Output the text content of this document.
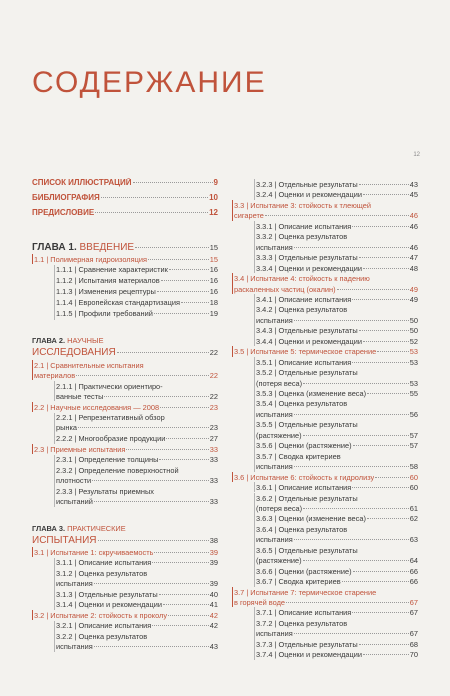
12
СОДЕРЖАНИЕ
СПИСОК ИЛЛЮСТРАЦИЙ	9
БИБЛИОГРАФИЯ	10
ПРЕДИСЛОВИЕ	12
ГЛАВА 1. ВВЕДЕНИЕ	15
1.1 | Полимерная гидроизоляция	15
1.1.1 | Сравнение характеристик	16
1.1.2 | Испытания материалов	16
1.1.3 | Изменения рецептуры	16
1.1.4 | Европейская стандартизация	18
1.1.5 | Профили требований	19
ГЛАВА 2. НАУЧНЫЕ
ИССЛЕДОВАНИЯ	22
2.1 | Сравнительные испытания
материалов	22
2.1.1 | Практически ориентиро-
ванные тесты	22
2.2 | Научные исследования — 2008	23
2.2.1 | Репрезентативный обзор
рынка	23
2.2.2 | Многообразие продукции	27
2.3 | Приемные испытания	33
2.3.1 | Определение толщины	33
2.3.2 | Определение поверхностной
плотности	33
2.3.3 | Результаты приемных
испытаний	33
ГЛАВА 3. ПРАКТИЧЕСКИЕ
ИСПЫТАНИЯ	38
3.1 | Испытание 1: скручиваемость	39
3.1.1 | Описание испытания	39
3.1.2 | Оценка результатов
испытания	39
3.1.3 | Отдельные результаты	40
3.1.4 | Оценки и рекомендации	41
3.2 | Испытание 2: стойкость к проколу	42
3.2.1 | Описание испытания	42
3.2.2 | Оценка результатов
испытания	43
3.2.3 | Отдельные результаты	43
3.2.4 | Оценки и рекомендации	45
3.3 | Испытание 3: стойкость к тлеющей
сигарете	46
3.3.1 | Описание испытания	46
3.3.2 | Оценка результатов
испытания	46
3.3.3 | Отдельные результаты	47
3.3.4 | Оценки и рекомендации	48
3.4 | Испытание 4: стойкость к падению
раскаленных частиц (окалин)	49
3.4.1 | Описание испытания	49
3.4.2 | Оценка результатов
испытания	50
3.4.3 | Отдельные результаты	50
3.4.4 | Оценки и рекомендации	52
3.5 | Испытание 5: термическое старение	53
3.5.1 | Описание испытания	53
3.5.2 | Отдельные результаты
(потеря веса)	53
3.5.3 | Оценка (изменение веса)	55
3.5.4 | Оценка результатов
испытания	56
3.5.5 | Отдельные результаты
(растяжение)	57
3.5.6 | Оценки (растяжение)	57
3.5.7 | Сводка критериев
испытания	58
3.6 | Испытание 6: стойкость к гидролизу	60
3.6.1 | Описание испытания	60
3.6.2 | Отдельные результаты
(потеря веса)	61
3.6.3 | Оценки (изменение веса)	62
3.6.4 | Оценка результатов
испытания	63
3.6.5 | Отдельные результаты
(растяжение)	64
3.6.6 | Оценки (растяжение)	66
3.6.7 | Сводка критериев	66
3.7 | Испытание 7: термическое старение
в горячей воде	67
3.7.1 | Описание испытания	67
3.7.2 | Оценка результатов
испытания	67
3.7.3 | Отдельные результаты	68
3.7.4 | Оценки и рекомендации	70
